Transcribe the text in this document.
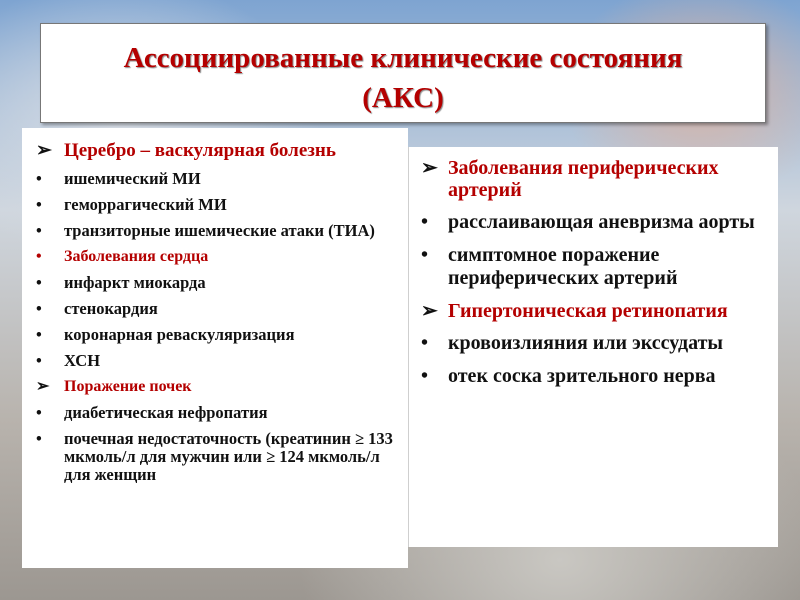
Ассоциированные клинические состояния
(АКС)
➢ Церебро – васкулярная болезнь
• ишемический МИ
• геморрагический МИ
• транзиторные ишемические атаки (ТИА)
• Заболевания сердца
• инфаркт миокарда
• стенокардия
• коронарная реваскуляризация
• ХСН
➢ Поражение почек
• диабетическая нефропатия
• почечная недостаточность (креатинин ≥ 133 мкмоль/л для мужчин или ≥ 124 мкмоль/л для женщин
➢ Заболевания периферических артерий
• расслаивающая аневризма аорты
• симптомное поражение периферических артерий
➢ Гипертоническая ретинопатия
• кровоизлияния или экссудаты
• отек соска зрительного нерва
